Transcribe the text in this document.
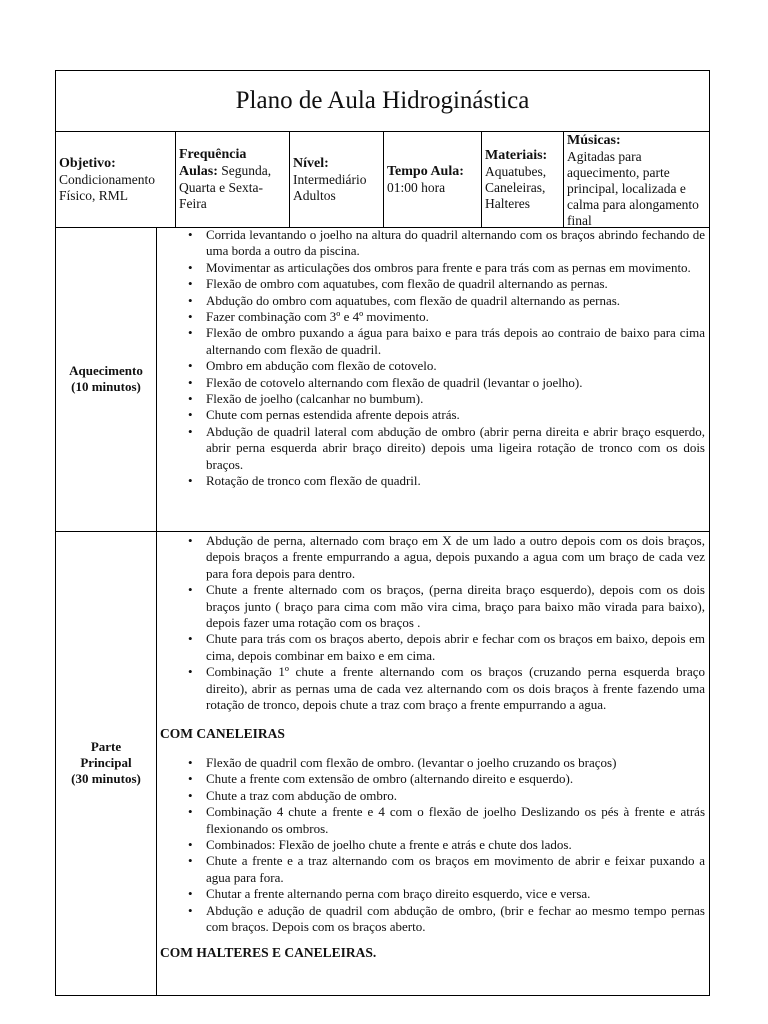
Plano de Aula Hidroginástica
Objetivo:
Condicionamento Físico, RML
Frequência
Aulas: Segunda, Quarta e Sexta-Feira
Nível:
Intermediário Adultos
Tempo Aula:
01:00 hora
Materiais:
Aquatubes, Caneleiras, Halteres
Músicas:
Agitadas para aquecimento, parte principal, localizada e calma para alongamento final
Aquecimento
(10 minutos)
• Corrida levantando o joelho na altura do quadril alternando com os braços abrindo fechando de uma borda a outro da piscina.
• Movimentar as articulações dos ombros para frente e para trás com as pernas em movimento.
• Flexão de ombro com aquatubes, com flexão de quadril alternando as pernas.
• Abdução do ombro com aquatubes, com flexão de quadril alternando as pernas.
• Fazer combinação com 3º e 4º movimento.
• Flexão de ombro puxando a água para baixo e para trás depois ao contraio de baixo para cima alternando com flexão de quadril.
• Ombro em abdução com flexão de cotovelo.
• Flexão de cotovelo alternando com flexão de quadril (levantar o joelho).
• Flexão de joelho (calcanhar no bumbum).
• Chute com pernas estendida afrente depois atrás.
• Abdução de quadril lateral com abdução de ombro (abrir perna direita e abrir braço esquerdo, abrir perna esquerda abrir braço direito) depois uma ligeira rotação de tronco com os dois braços.
• Rotação de tronco com flexão de quadril.
Parte
Principal
(30 minutos)
• Abdução de perna, alternado com braço em X de um lado a outro depois com os dois braços, depois braços a frente empurrando a agua, depois puxando a agua com um braço de cada vez para fora depois para dentro.
• Chute a frente alternado com os braços, (perna direita braço esquerdo), depois com os dois braços junto ( braço para cima com mão vira cima, braço para baixo mão virada para baixo), depois fazer uma rotação com os braços .
• Chute para trás com os braços aberto, depois abrir e fechar com os braços em baixo, depois em cima, depois combinar em baixo e em cima.
• Combinação 1º chute a frente alternando com os braços (cruzando perna esquerda braço direito), abrir as pernas uma de cada vez alternando com os dois braços à frente fazendo uma rotação de tronco, depois chute a traz com braço a frente empurrando a agua.
COM CANELEIRAS
• Flexão de quadril com flexão de ombro. (levantar o joelho cruzando os braços)
• Chute a frente com extensão de ombro (alternando direito e esquerdo).
• Chute a traz com abdução de ombro.
• Combinação 4 chute a frente e 4 com o flexão de joelho Deslizando os pés à frente e atrás flexionando os ombros.
• Combinados: Flexão de joelho chute a frente e atrás e chute dos lados.
• Chute a frente e a traz alternando com os braços em movimento de abrir e feixar puxando a agua para fora.
• Chutar a frente alternando perna com braço direito esquerdo, vice e versa.
• Abdução e adução de quadril com abdução de ombro, (brir e fechar ao mesmo tempo pernas com braços. Depois com os braços aberto.
COM HALTERES E CANELEIRAS.
